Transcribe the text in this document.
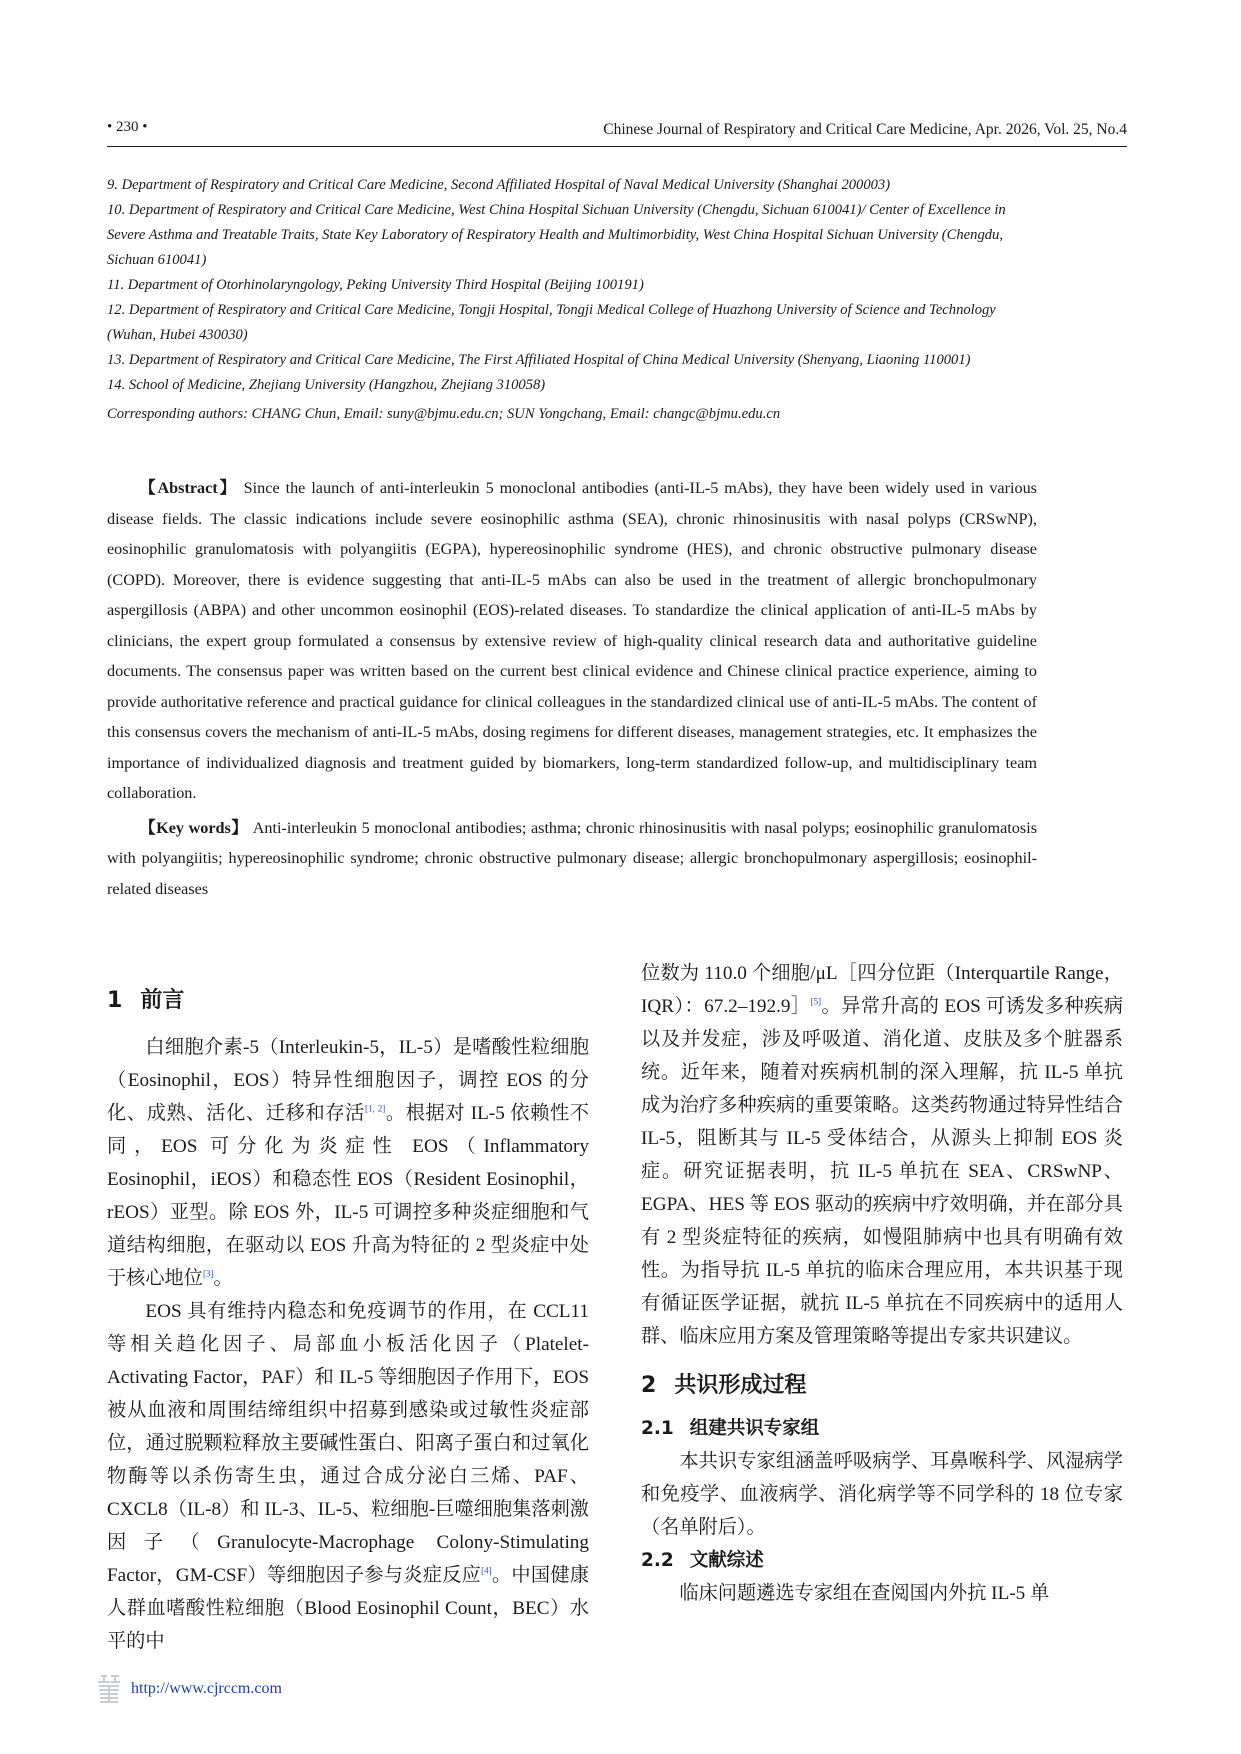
• 230 •	Chinese Journal of Respiratory and Critical Care Medicine, Apr. 2026, Vol. 25, No.4

9. Department of Respiratory and Critical Care Medicine, Second Affiliated Hospital of Naval Medical University (Shanghai 200003)

10. Department of Respiratory and Critical Care Medicine, West China Hospital Sichuan University (Chengdu, Sichuan 610041)/ Center of Excellence in Severe Asthma and Treatable Traits, State Key Laboratory of Respiratory Health and Multimorbidity, West China Hospital Sichuan University (Chengdu, Sichuan 610041)

11. Department of Otorhinolaryngology, Peking University Third Hospital (Beijing 100191)

12. Department of Respiratory and Critical Care Medicine, Tongji Hospital, Tongji Medical College of Huazhong University of Science and Technology (Wuhan, Hubei 430030)

13. Department of Respiratory and Critical Care Medicine, The First Affiliated Hospital of China Medical University (Shenyang, Liaoning 110001)

14. School of Medicine, Zhejiang University (Hangzhou, Zhejiang 310058)

Corresponding authors: CHANG Chun, Email: suny@bjmu.edu.cn; SUN Yongchang, Email: changc@bjmu.edu.cn

【Abstract】 Since the launch of anti-interleukin 5 monoclonal antibodies (anti-IL-5 mAbs), they have been widely used in various disease fields. The classic indications include severe eosinophilic asthma (SEA), chronic rhinosinusitis with nasal polyps (CRSwNP), eosinophilic granulomatosis with polyangiitis (EGPA), hypereosinophilic syndrome (HES), and chronic obstructive pulmonary disease (COPD). Moreover, there is evidence suggesting that anti-IL-5 mAbs can also be used in the treatment of allergic bronchopulmonary aspergillosis (ABPA) and other uncommon eosinophil (EOS)-related diseases. To standardize the clinical application of anti-IL-5 mAbs by clinicians, the expert group formulated a consensus by extensive review of high-quality clinical research data and authoritative guideline documents. The consensus paper was written based on the current best clinical evidence and Chinese clinical practice experience, aiming to provide authoritative reference and practical guidance for clinical colleagues in the standardized clinical use of anti-IL-5 mAbs. The content of this consensus covers the mechanism of anti-IL-5 mAbs, dosing regimens for different diseases, management strategies, etc. It emphasizes the importance of individualized diagnosis and treatment guided by biomarkers, long-term standardized follow-up, and multidisciplinary team collaboration.

【Key words】 Anti-interleukin 5 monoclonal antibodies; asthma; chronic rhinosinusitis with nasal polyps; eosinophilic granulomatosis with polyangiitis; hypereosinophilic syndrome; chronic obstructive pulmonary disease; allergic bronchopulmonary aspergillosis; eosinophil-related diseases

1 前言

白细胞介素-5（Interleukin-5，IL-5）是嗜酸性粒细胞（Eosinophil，EOS）特异性细胞因子，调控 EOS 的分化、成熟、活化、迁移和存活[1, 2]。根据对 IL-5 依赖性不同，EOS 可分化为炎症性 EOS（Inflammatory Eosinophil，iEOS）和稳态性 EOS（Resident Eosinophil，rEOS）亚型。除 EOS 外，IL-5 可调控多种炎症细胞和气道结构细胞，在驱动以 EOS 升高为特征的 2 型炎症中处于核心地位[3]。

EOS 具有维持内稳态和免疫调节的作用，在 CCL11 等相关趋化因子、局部血小板活化因子（Platelet-Activating Factor，PAF）和 IL-5 等细胞因子作用下，EOS 被从血液和周围结缔组织中招募到感染或过敏性炎症部位，通过脱颗粒释放主要碱性蛋白、阳离子蛋白和过氧化物酶等以杀伤寄生虫，通过合成分泌白三烯、PAF、CXCL8（IL-8）和 IL-3、IL-5、粒细胞-巨噬细胞集落刺激因子（Granulocyte-Macrophage Colony-Stimulating Factor，GM-CSF）等细胞因子参与炎症反应[4]。中国健康人群血嗜酸性粒细胞（Blood Eosinophil Count，BEC）水平的中

位数为 110.0 个细胞/μL［四分位距（Interquartile Range，IQR）：67.2–192.9］[5]。异常升高的 EOS 可诱发多种疾病以及并发症，涉及呼吸道、消化道、皮肤及多个脏器系统。近年来，随着对疾病机制的深入理解，抗 IL-5 单抗成为治疗多种疾病的重要策略。这类药物通过特异性结合 IL-5，阻断其与 IL-5 受体结合，从源头上抑制 EOS 炎症。研究证据表明，抗 IL-5 单抗在 SEA、CRSwNP、EGPA、HES 等 EOS 驱动的疾病中疗效明确，并在部分具有 2 型炎症特征的疾病，如慢阻肺病中也具有明确有效性。为指导抗 IL-5 单抗的临床合理应用，本共识基于现有循证医学证据，就抗 IL-5 单抗在不同疾病中的适用人群、临床应用方案及管理策略等提出专家共识建议。

2 共识形成过程
2.1 组建共识专家组

本共识专家组涵盖呼吸病学、耳鼻喉科学、风湿病学和免疫学、血液病学、消化病学等不同学科的 18 位专家（名单附后）。

2.2 文献综述

临床问题遴选专家组在查阅国内外抗 IL-5 单

http://www.cjrccm.com
